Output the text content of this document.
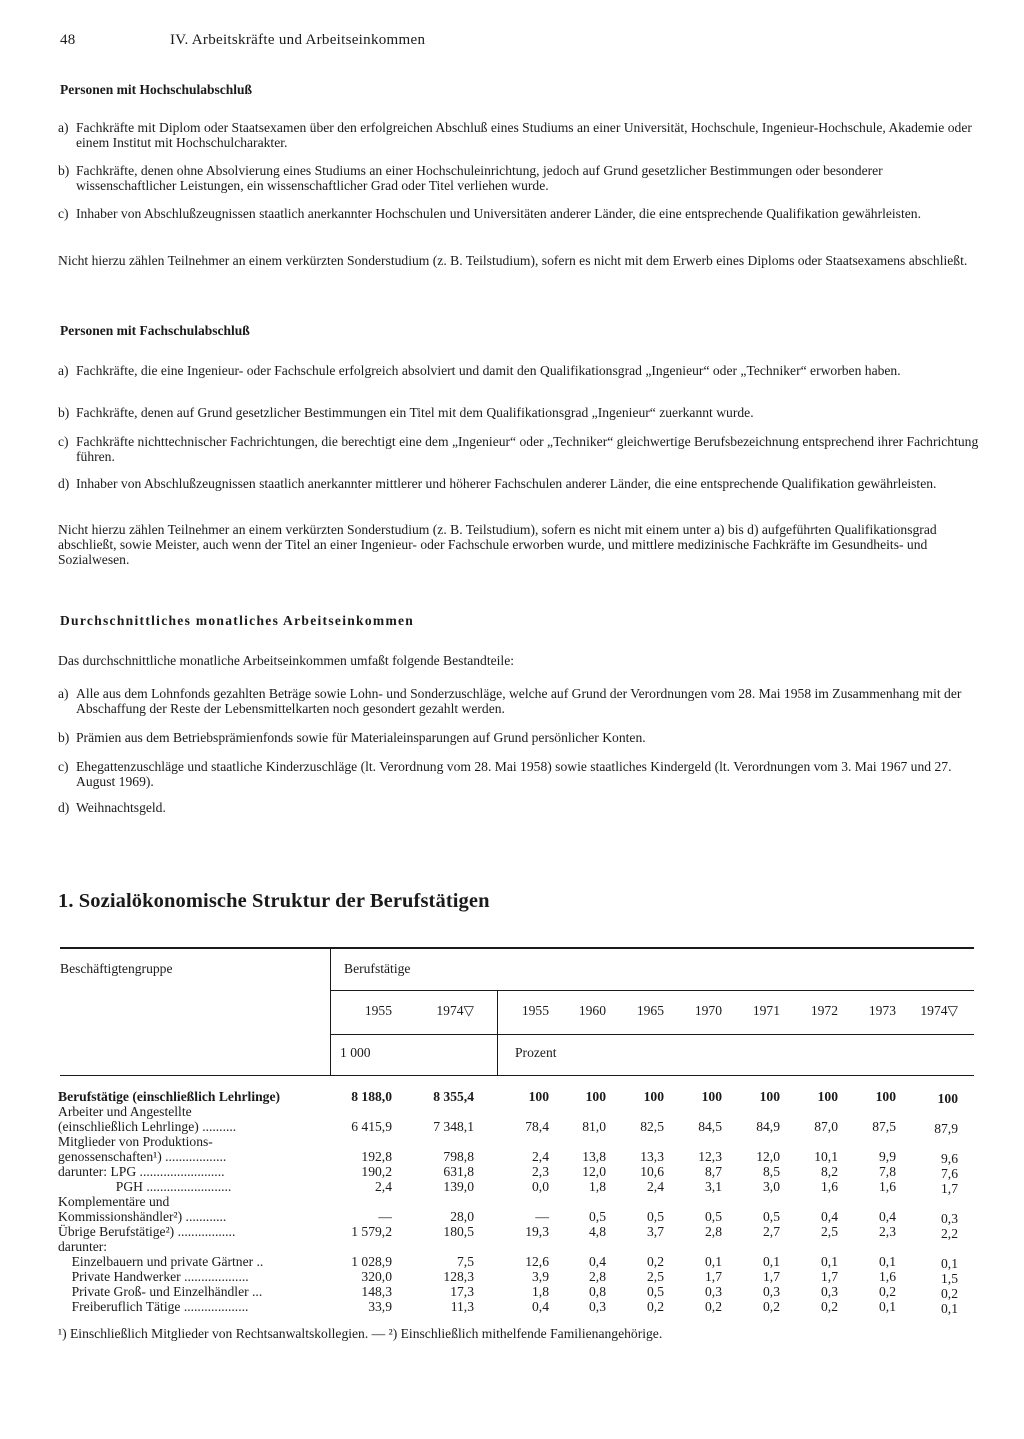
48	IV. Arbeitskräfte und Arbeitseinkommen
Personen mit Hochschulabschluß
a) Fachkräfte mit Diplom oder Staatsexamen über den erfolgreichen Abschluß eines Studiums an einer Universität, Hochschule, Ingenieur-Hochschule, Akademie oder einem Institut mit Hochschulcharakter.
b) Fachkräfte, denen ohne Absolvierung eines Studiums an einer Hochschuleinrichtung, jedoch auf Grund gesetzlicher Bestimmungen oder besonderer wissenschaftlicher Leistungen, ein wissenschaftlicher Grad oder Titel verliehen wurde.
c) Inhaber von Abschlußzeugnissen staatlich anerkannter Hochschulen und Universitäten anderer Länder, die eine entsprechende Qualifikation gewährleisten.
Nicht hierzu zählen Teilnehmer an einem verkürzten Sonderstudium (z. B. Teilstudium), sofern es nicht mit dem Erwerb eines Diploms oder Staatsexamens abschließt.
Personen mit Fachschulabschluß
a) Fachkräfte, die eine Ingenieur- oder Fachschule erfolgreich absolviert und damit den Qualifikationsgrad „Ingenieur“ oder „Techniker“ erworben haben.
b) Fachkräfte, denen auf Grund gesetzlicher Bestimmungen ein Titel mit dem Qualifikationsgrad „Ingenieur“ zuerkannt wurde.
c) Fachkräfte nichttechnischer Fachrichtungen, die berechtigt eine dem „Ingenieur“ oder „Techniker“ gleichwertige Berufsbezeichnung entsprechend ihrer Fachrichtung führen.
d) Inhaber von Abschlußzeugnissen staatlich anerkannter mittlerer und höherer Fachschulen anderer Länder, die eine entsprechende Qualifikation gewährleisten.
Nicht hierzu zählen Teilnehmer an einem verkürzten Sonderstudium (z. B. Teilstudium), sofern es nicht mit einem unter a) bis d) aufgeführten Qualifikationsgrad abschließt, sowie Meister, auch wenn der Titel an einer Ingenieur- oder Fachschule erworben wurde, und mittlere medizinische Fachkräfte im Gesundheits- und Sozialwesen.
Durchschnittliches monatliches Arbeitseinkommen
Das durchschnittliche monatliche Arbeitseinkommen umfaßt folgende Bestandteile:
a) Alle aus dem Lohnfonds gezahlten Beträge sowie Lohn- und Sonderzuschläge, welche auf Grund der Verordnungen vom 28. Mai 1958 im Zusammenhang mit der Abschaffung der Reste der Lebensmittelkarten noch gesondert gezahlt werden.
b) Prämien aus dem Betriebsprämienfonds sowie für Materialeinsparungen auf Grund persönlicher Konten.
c) Ehegattenzuschläge und staatliche Kinderzuschläge (lt. Verordnung vom 28. Mai 1958) sowie staatliches Kindergeld (lt. Verordnungen vom 3. Mai 1967 und 27. August 1969).
d) Weihnachtsgeld.
1. Sozialökonomische Struktur der Berufstätigen
Beschäftigtengruppe	Berufstätige
1955	1974▽	1955	1960	1965	1970	1971	1972	1973	1974▽
1 000	Prozent
Berufstätige (einschließlich Lehrlinge)	8 188,0	8 355,4	100	100	100	100	100	100	100	100
Arbeiter und Angestellte
(einschließlich Lehrlinge) ..........	6 415,9	7 348,1	78,4	81,0	82,5	84,5	84,9	87,0	87,5	87,9
Mitglieder von Produktions-
genossenschaften¹) ..................	192,8	798,8	2,4	13,8	13,3	12,3	12,0	10,1	9,9	9,6
darunter: LPG .........................	190,2	631,8	2,3	12,0	10,6	8,7	8,5	8,2	7,8	7,6
PGH .........................	2,4	139,0	0,0	1,8	2,4	3,1	3,0	1,6	1,6	1,7
Komplementäre und
Kommissionshändler²) ............	—	28,0	—	0,5	0,5	0,5	0,5	0,4	0,4	0,3
Übrige Berufstätige²) .................	1 579,2	180,5	19,3	4,8	3,7	2,8	2,7	2,5	2,3	2,2
darunter:
Einzelbauern und private Gärtner ..	1 028,9	7,5	12,6	0,4	0,2	0,1	0,1	0,1	0,1	0,1
Private Handwerker ...................	320,0	128,3	3,9	2,8	2,5	1,7	1,7	1,7	1,6	1,5
Private Groß- und Einzelhändler ...	148,3	17,3	1,8	0,8	0,5	0,3	0,3	0,3	0,2	0,2
Freiberuflich Tätige ...................	33,9	11,3	0,4	0,3	0,2	0,2	0,2	0,2	0,1	0,1
¹) Einschließlich Mitglieder von Rechtsanwaltskollegien. — ²) Einschließlich mithelfende Familienangehörige.
